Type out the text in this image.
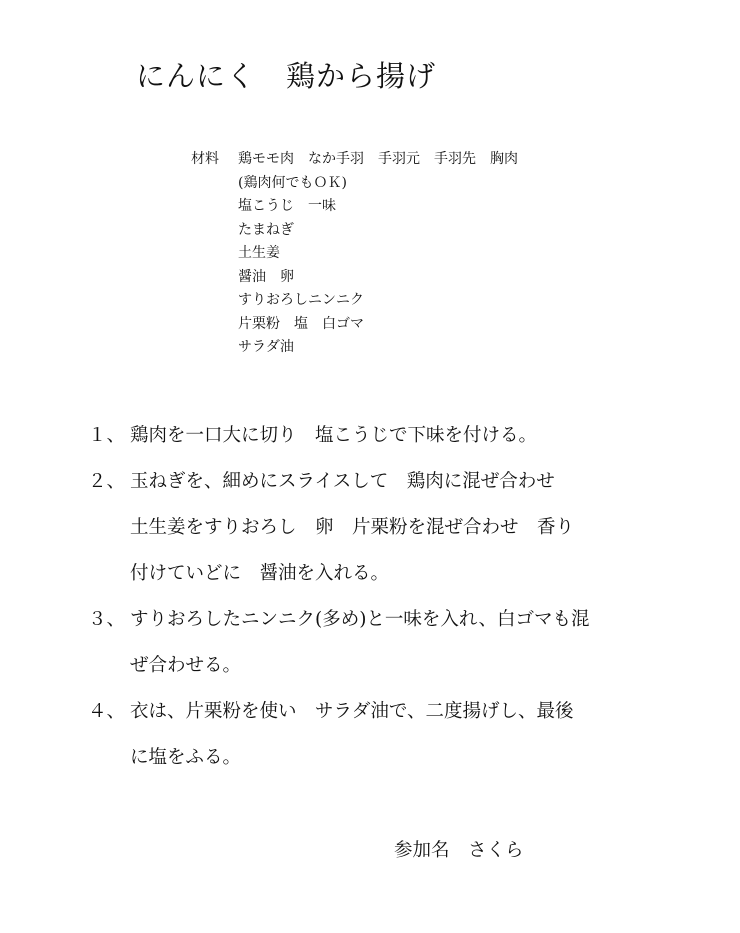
にんにく　鶏から揚げ
材料	鶏モモ肉　なか手羽　手羽元　手羽先　胸肉
(鶏肉何でもＯＫ)
塩こうじ　一味
たまねぎ
土生姜
醤油　卵
すりおろしニンニク
片栗粉　塩　白ゴマ
サラダ油
１、 鶏肉を一口大に切り　塩こうじで下味を付ける。
２、 玉ねぎを、細めにスライスして　鶏肉に混ぜ合わせ
土生姜をすりおろし　卵　片栗粉を混ぜ合わせ　香り
付けていどに　醤油を入れる。
３、 すりおろしたニンニク(多め)と一味を入れ、白ゴマも混
ぜ合わせる。
４、 衣は、片栗粉を使い　サラダ油で、二度揚げし、最後
に塩をふる。
参加名　さくら
